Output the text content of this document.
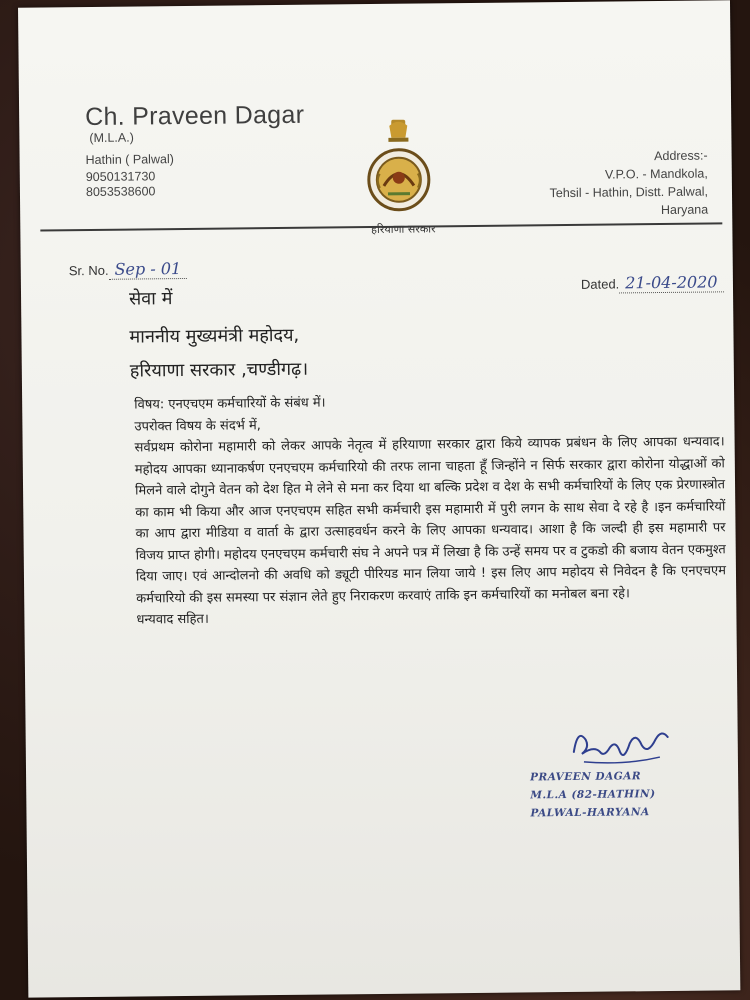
Ch. Praveen Dagar
(M.L.A.)
Hathin ( Palwal)
9050131730
8053538600
हरियाणा सरकार
Address:-
V.P.O. - Mandkola,
Tehsil - Hathin, Distt. Palwal,
Haryana
Sr. No. Sep - 01
Dated. 21-04-2020
सेवा में
माननीय मुख्यमंत्री महोदय,
हरियाणा सरकार ,चण्डीगढ़।

विषय: एनएचएम कर्मचारियों के संबंध में।

उपरोक्त विषय के संदर्भ में,

सर्वप्रथम कोरोना महामारी को लेकर आपके नेतृत्व में हरियाणा सरकार द्वारा किये व्यापक प्रबंधन के लिए आपका धन्यवाद।महोदय आपका ध्यानाकर्षण एनएचएम कर्मचारियो की तरफ लाना चाहता हूँ जिन्होंने न सिर्फ सरकार द्वारा कोरोना योद्धाओं को मिलने वाले दोगुने वेतन को देश हित मे लेने से मना कर दिया था बल्कि प्रदेश व देश के सभी कर्मचारियों के लिए एक प्रेरणास्त्रोत का काम भी किया और आज एनएचएम सहित सभी कर्मचारी इस महामारी में पुरी लगन के साथ सेवा दे रहे है ।इन कर्मचारियों का आप द्वारा मीडिया व वार्ता के द्वारा उत्साहवर्धन करने के लिए आपका धन्यवाद। आशा है कि जल्दी ही इस महामारी पर विजय प्राप्त होगी। महोदय एनएचएम कर्मचारी संघ ने अपने पत्र में लिखा है कि उन्हें समय पर व टुकडो की बजाय वेतन एकमुश्त दिया जाए। एवं आन्दोलनो की अवधि को ड्यूटी पीरियड मान लिया जाये ! इस लिए आप महोदय से निवेदन है कि एनएचएम कर्मचारियो की इस समस्या पर संज्ञान लेते हुए निराकरण करवाएं ताकि इन कर्मचारियों का मनोबल बना रहे।

धन्यवाद सहित।

PRAVEEN DAGAR
M.L.A (82-HATHIN)
PALWAL-HARYANA
